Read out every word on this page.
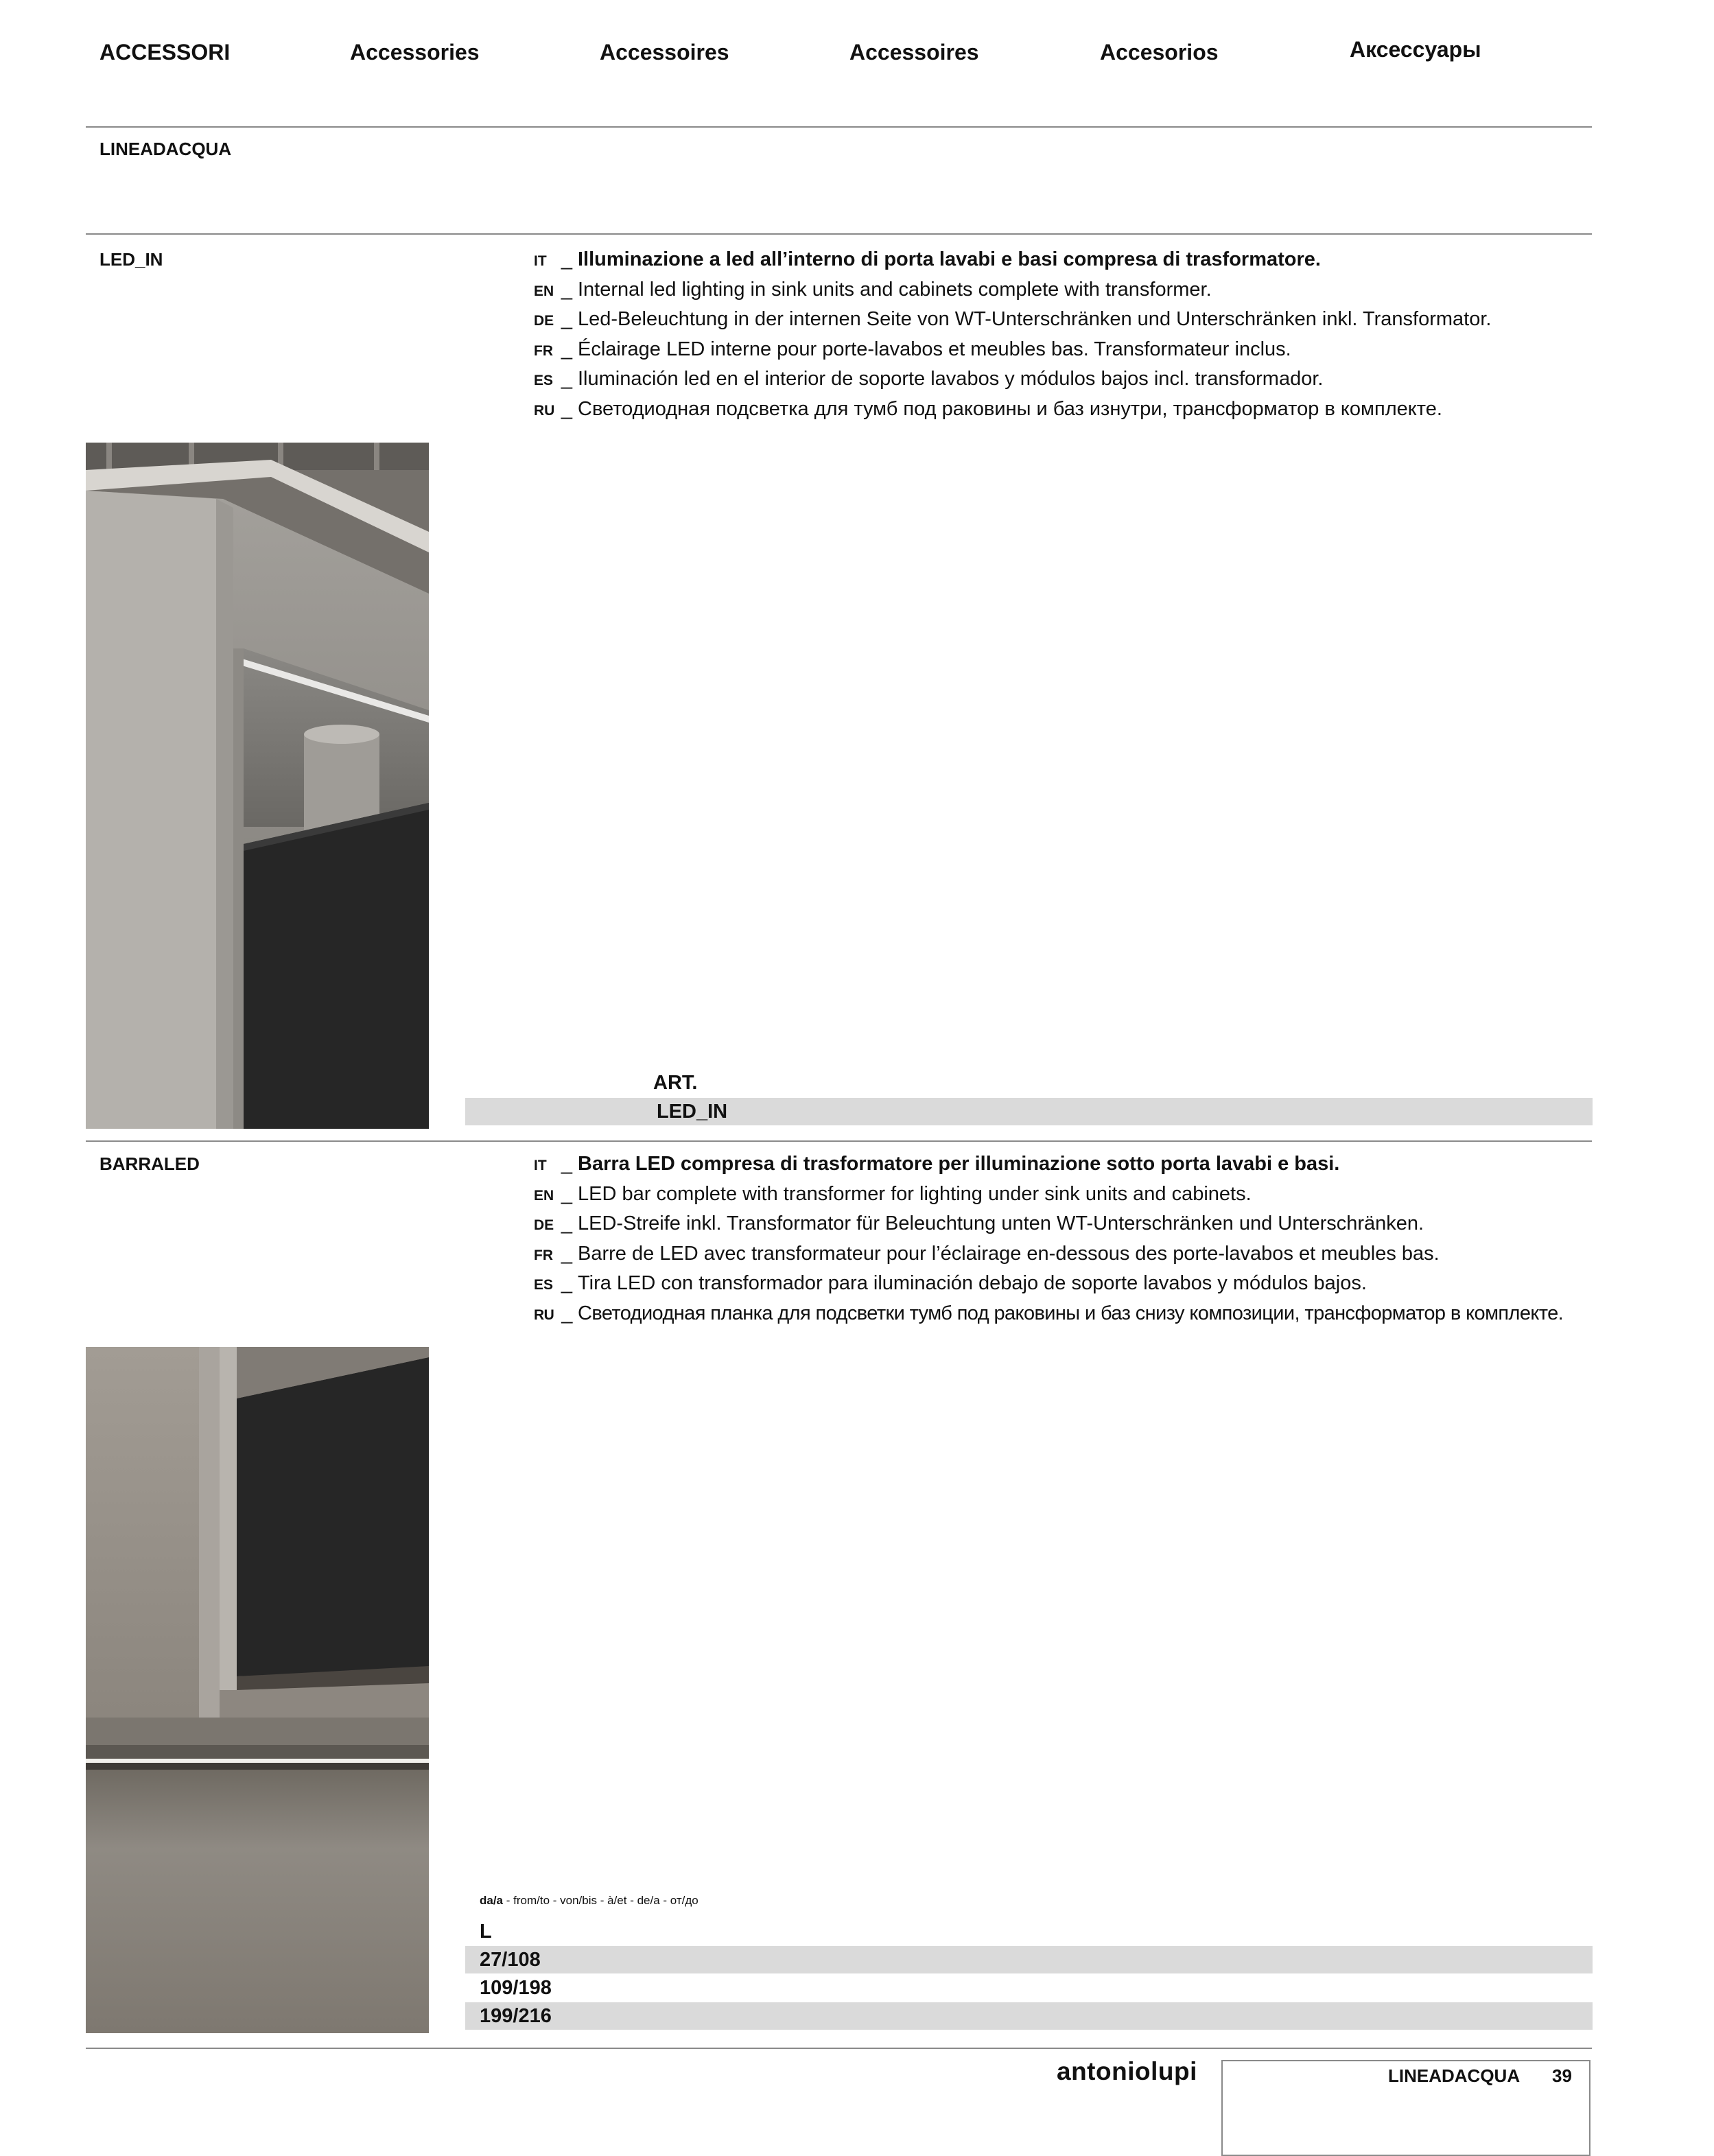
ACCESSORI	Accessories	Accessoires	Accessoires	Accesorios	Аксессуары
LINEADACQUA
LED_IN	IT _ Illuminazione a led all’interno di porta lavabi e basi compresa di trasformatore.
EN _ Internal led lighting in sink units and cabinets complete with transformer.
DE _ Led-Beleuchtung in der internen Seite von WT-Unterschränken und Unterschränken inkl. Transformator.
FR _ Éclairage LED interne pour porte-lavabos et meubles bas. Transformateur inclus.
ES _ Iluminación led en el interior de soporte lavabos y módulos bajos incl. transformador.
RU _ Светодиодная подсветка для тумб под раковины и баз изнутри, трансформатор в комплекте.
ART.
LED_IN
BARRALED	IT _ Barra LED compresa di trasformatore per illuminazione sotto porta lavabi e basi.
EN _ LED bar complete with transformer for lighting under sink units and cabinets.
DE _ LED-Streife inkl. Transformator für Beleuchtung unten WT-Unterschränken und Unterschränken.
FR _ Barre de LED avec transformateur pour l’éclairage en-dessous des porte-lavabos et meubles bas.
ES _ Tira LED con transformador para iluminación debajo de soporte lavabos y módulos bajos.
RU _ Светодиодная планка для подсветки тумб под раковины и баз снизу композиции, трансформатор в комплекте.
da/a - from/to - von/bis - à/et - de/a - от/до
L
27/108
109/198
199/216
antoniolupi	LINEADACQUA 39
